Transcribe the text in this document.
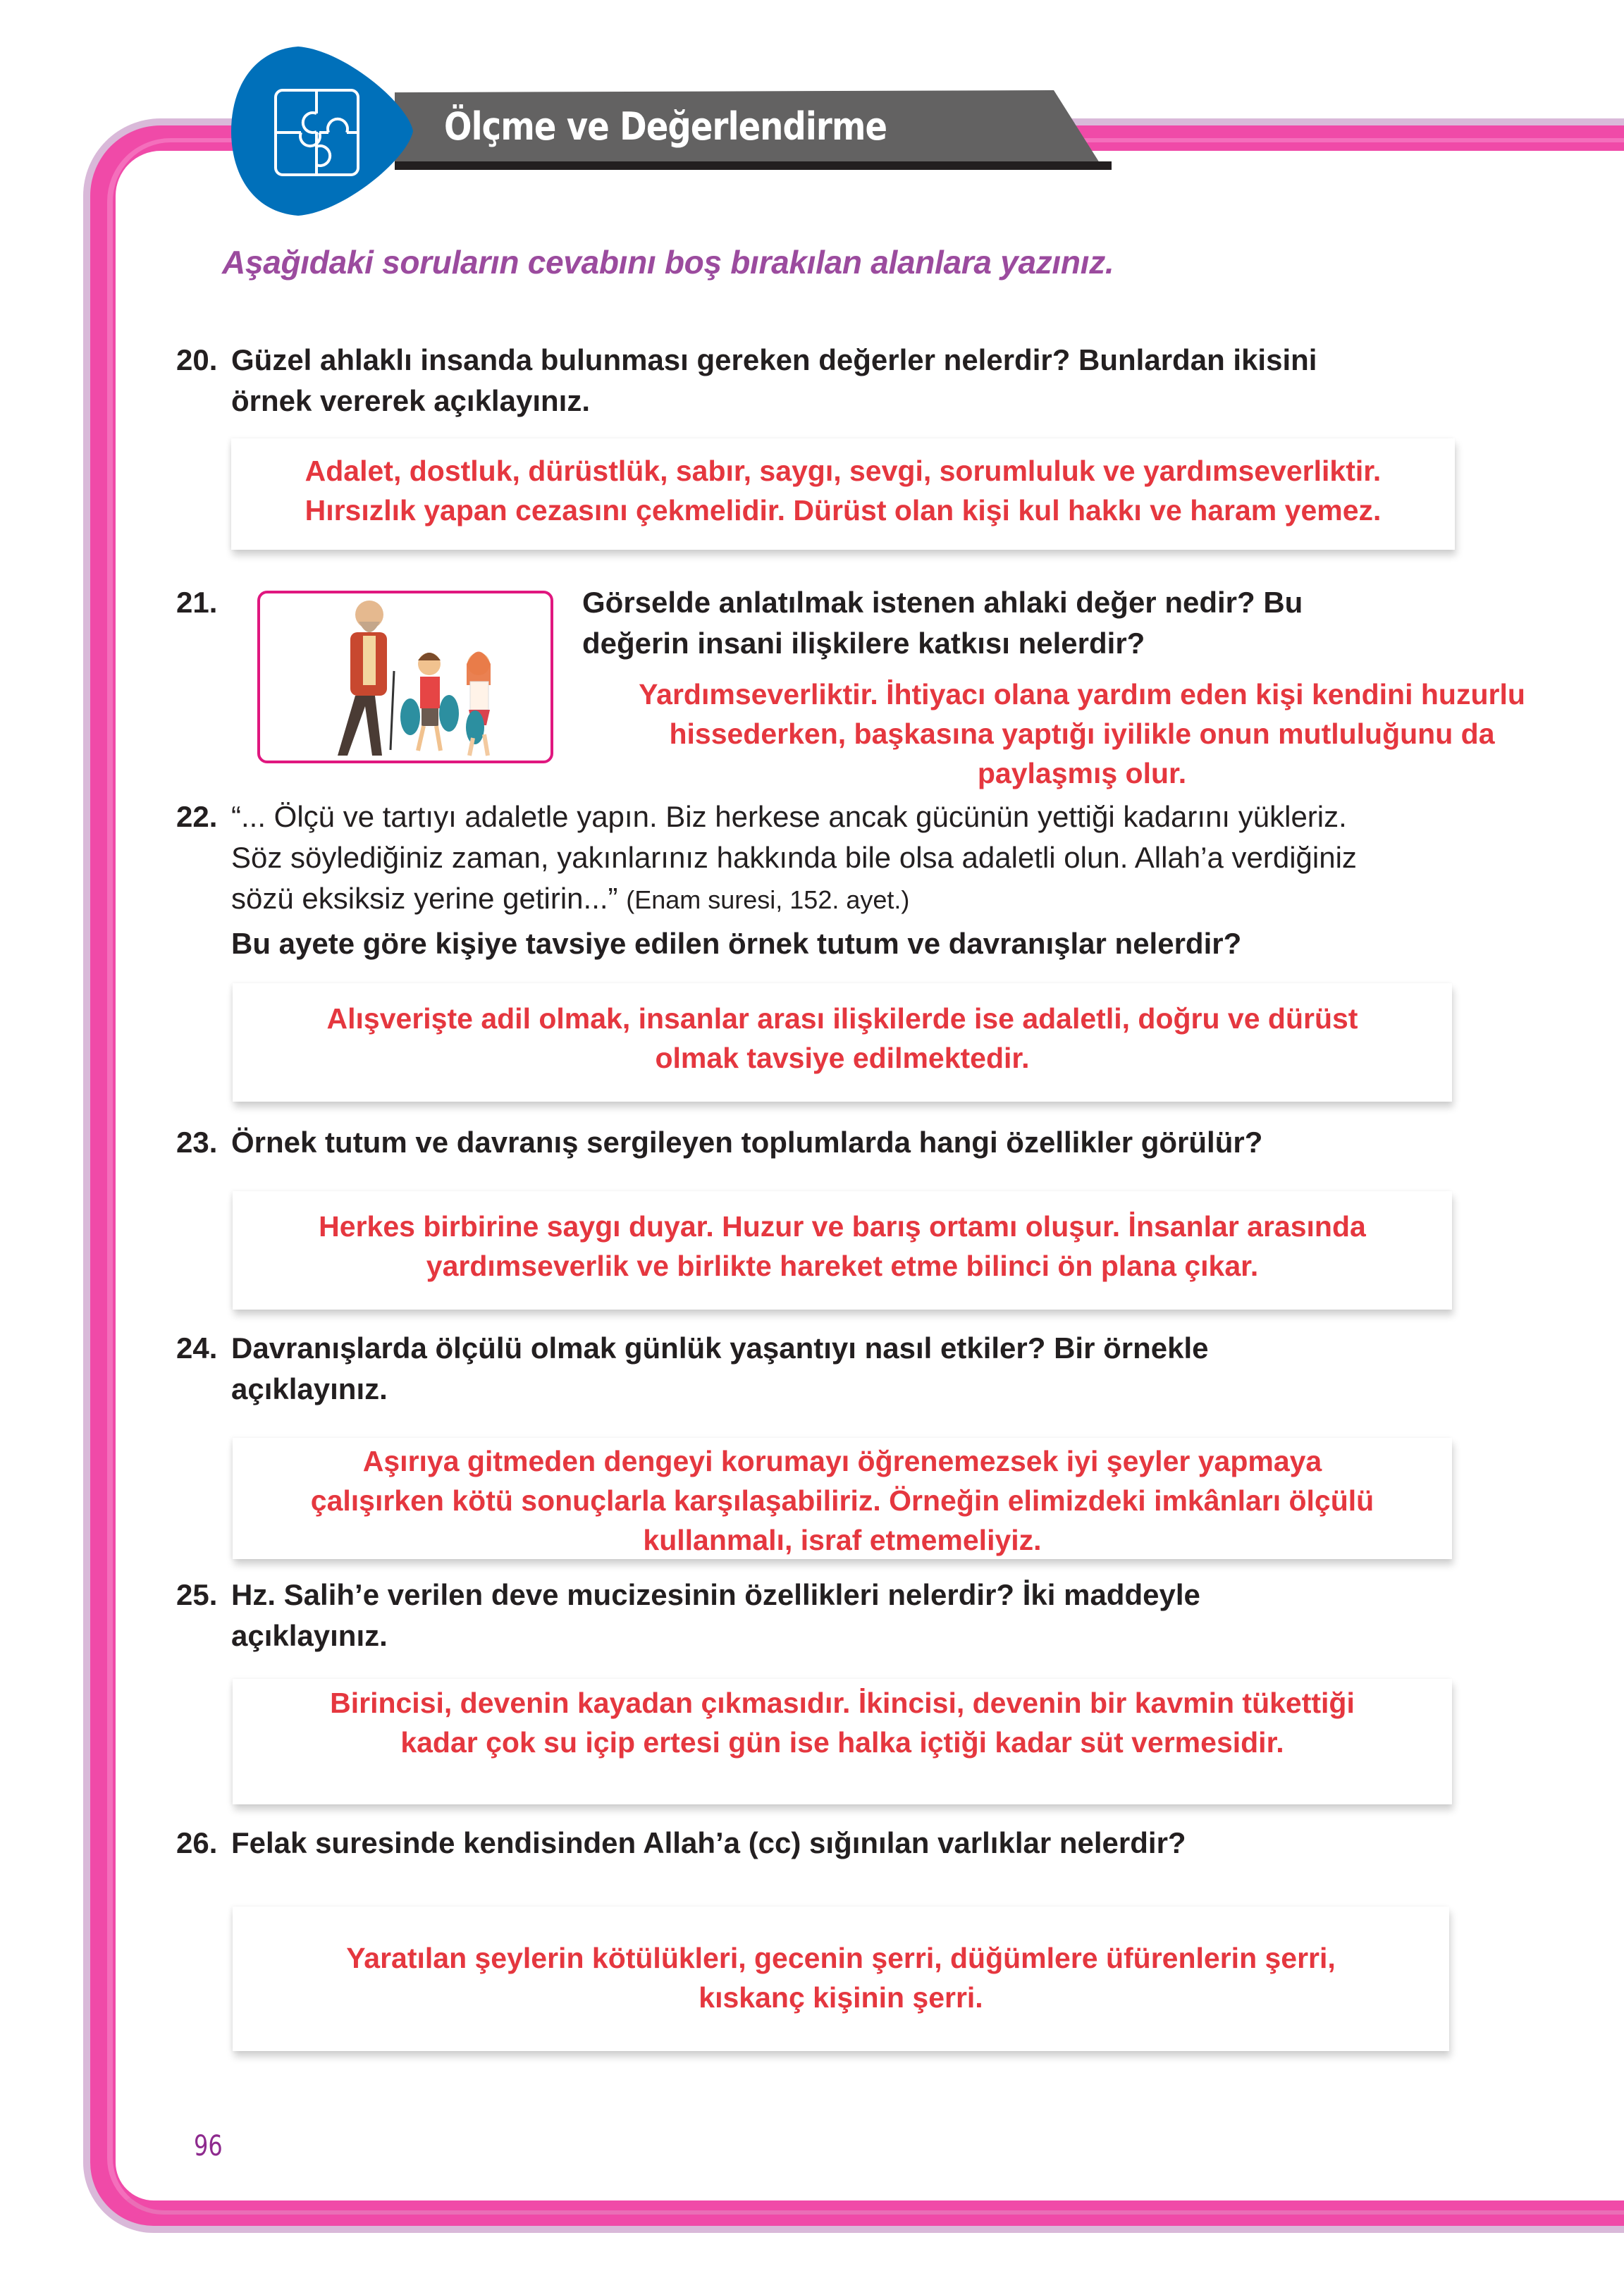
Ölçme ve Değerlendirme
Aşağıdaki soruların cevabını boş bırakılan alanlara yazınız.
20. Güzel ahlaklı insanda bulunması gereken değerler nelerdir? Bunlardan ikisini
örnek vererek açıklayınız.
Adalet, dostluk, dürüstlük, sabır, saygı, sevgi, sorumluluk ve yardımseverliktir.
Hırsızlık yapan cezasını çekmelidir. Dürüst olan kişi kul hakkı ve haram yemez.
21.	Görselde anlatılmak istenen ahlaki değer nedir? Bu
değerin insani ilişkilere katkısı nelerdir?
Yardımseverliktir. İhtiyacı olana yardım eden kişi kendini huzurlu
hissederken, başkasına yaptığı iyilikle onun mutluluğunu da
paylaşmış olur.
22. “... Ölçü ve tartıyı adaletle yapın. Biz herkese ancak gücünün yettiği kadarını yükleriz.
Söz söylediğiniz zaman, yakınlarınız hakkında bile olsa adaletli olun. Allah’a verdiğiniz
sözü eksiksiz yerine getirin...” (Enam suresi, 152. ayet.)
Bu ayete göre kişiye tavsiye edilen örnek tutum ve davranışlar nelerdir?
Alışverişte adil olmak, insanlar arası ilişkilerde ise adaletli, doğru ve dürüst
olmak tavsiye edilmektedir.
23. Örnek tutum ve davranış sergileyen toplumlarda hangi özellikler görülür?
Herkes birbirine saygı duyar. Huzur ve barış ortamı oluşur. İnsanlar arasında
yardımseverlik ve birlikte hareket etme bilinci ön plana çıkar.
24. Davranışlarda ölçülü olmak günlük yaşantıyı nasıl etkiler? Bir örnekle
açıklayınız.
Aşırıya gitmeden dengeyi korumayı öğrenemezsek iyi şeyler yapmaya
çalışırken kötü sonuçlarla karşılaşabiliriz. Örneğin elimizdeki imkânları ölçülü
kullanmalı, israf etmemeliyiz.
25. Hz. Salih’e verilen deve mucizesinin özellikleri nelerdir? İki maddeyle
açıklayınız.
Birincisi, devenin kayadan çıkmasıdır. İkincisi, devenin bir kavmin tükettiği
kadar çok su içip ertesi gün ise halka içtiği kadar süt vermesidir.
26. Felak suresinde kendisinden Allah’a (cc) sığınılan varlıklar nelerdir?
Yaratılan şeylerin kötülükleri, gecenin şerri, düğümlere üfürenlerin şerri,
kıskanç kişinin şerri.
96
